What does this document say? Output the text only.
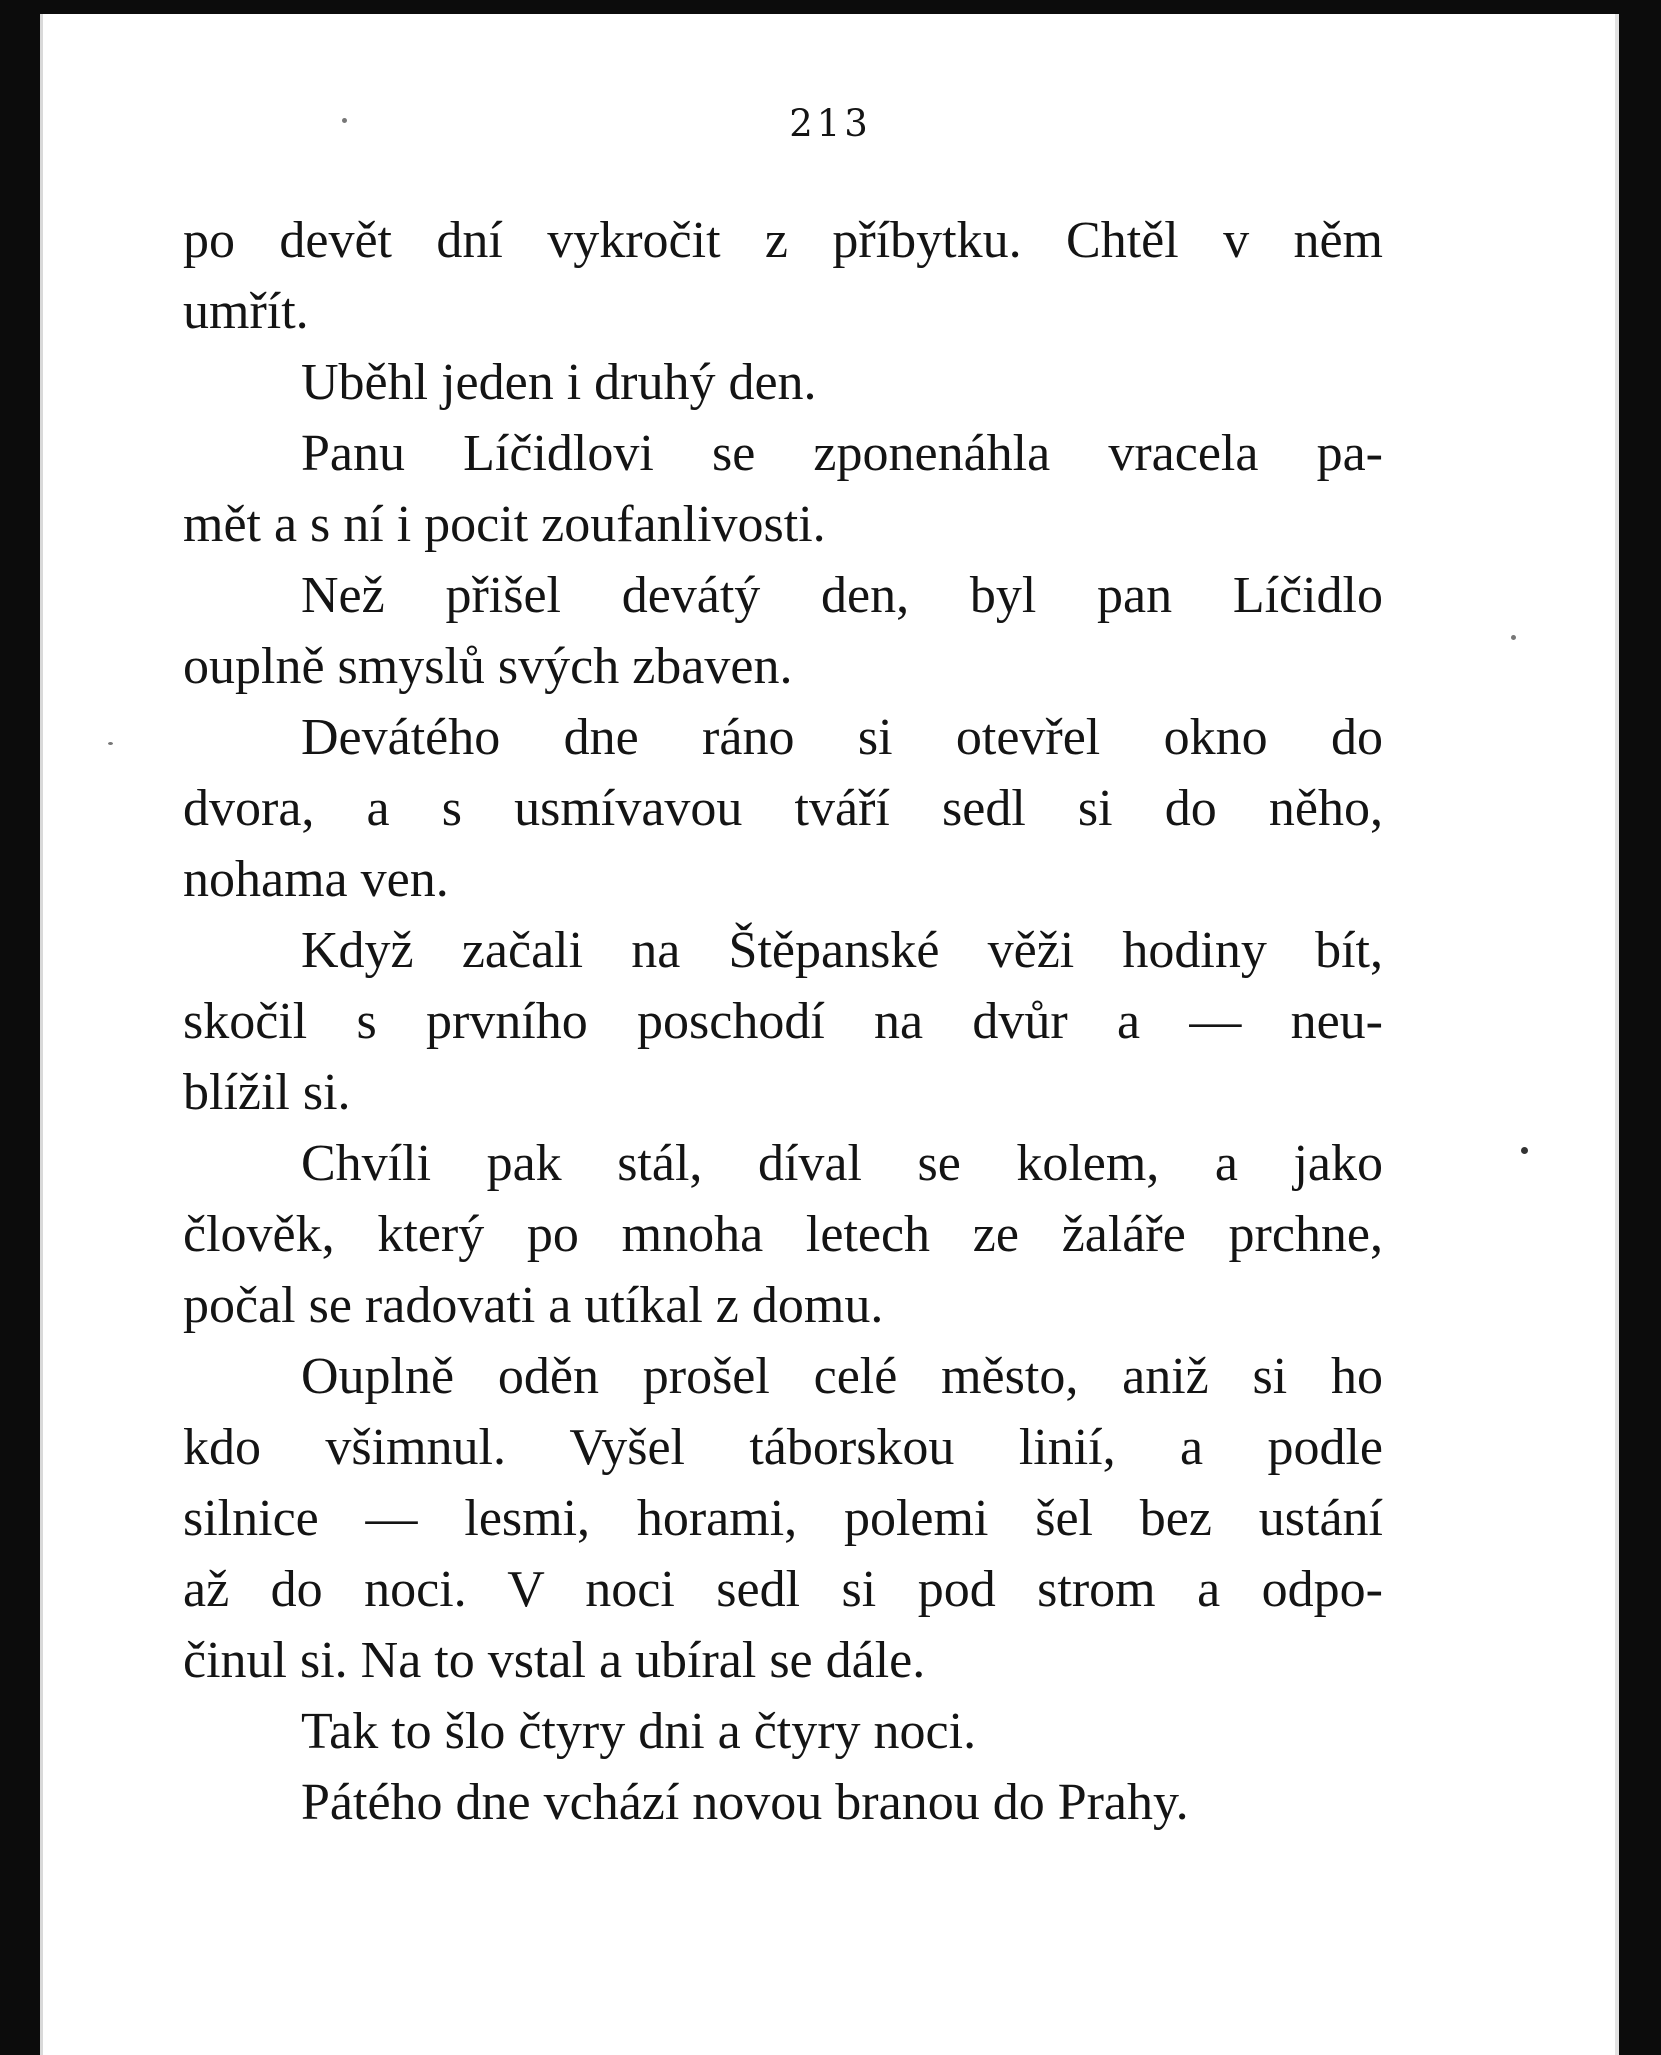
213
po devět dní vykročit z příbytku. Chtěl v něm
umřít.
Uběhl jeden i druhý den.
Panu Líčidlovi se zponenáhla vracela pa-
mět a s ní i pocit zoufanlivosti.
Než přišel devátý den, byl pan Líčidlo
ouplně smyslů svých zbaven.
Devátého dne ráno si otevřel okno do
dvora, a s usmívavou tváří sedl si do něho,
nohama ven.
Když začali na Štěpanské věži hodiny bít,
skočil s prvního poschodí na dvůr a — neu-
blížil si.
Chvíli pak stál, díval se kolem, a jako
člověk, který po mnoha letech ze žaláře prchne,
počal se radovati a utíkal z domu.
Ouplně oděn prošel celé město, aniž si ho
kdo všimnul. Vyšel táborskou linií, a podle
silnice — lesmi, horami, polemi šel bez ustání
až do noci. V noci sedl si pod strom a odpo-
činul si. Na to vstal a ubíral se dále.
Tak to šlo čtyry dni a čtyry noci.
Pátého dne vchází novou branou do Prahy.
